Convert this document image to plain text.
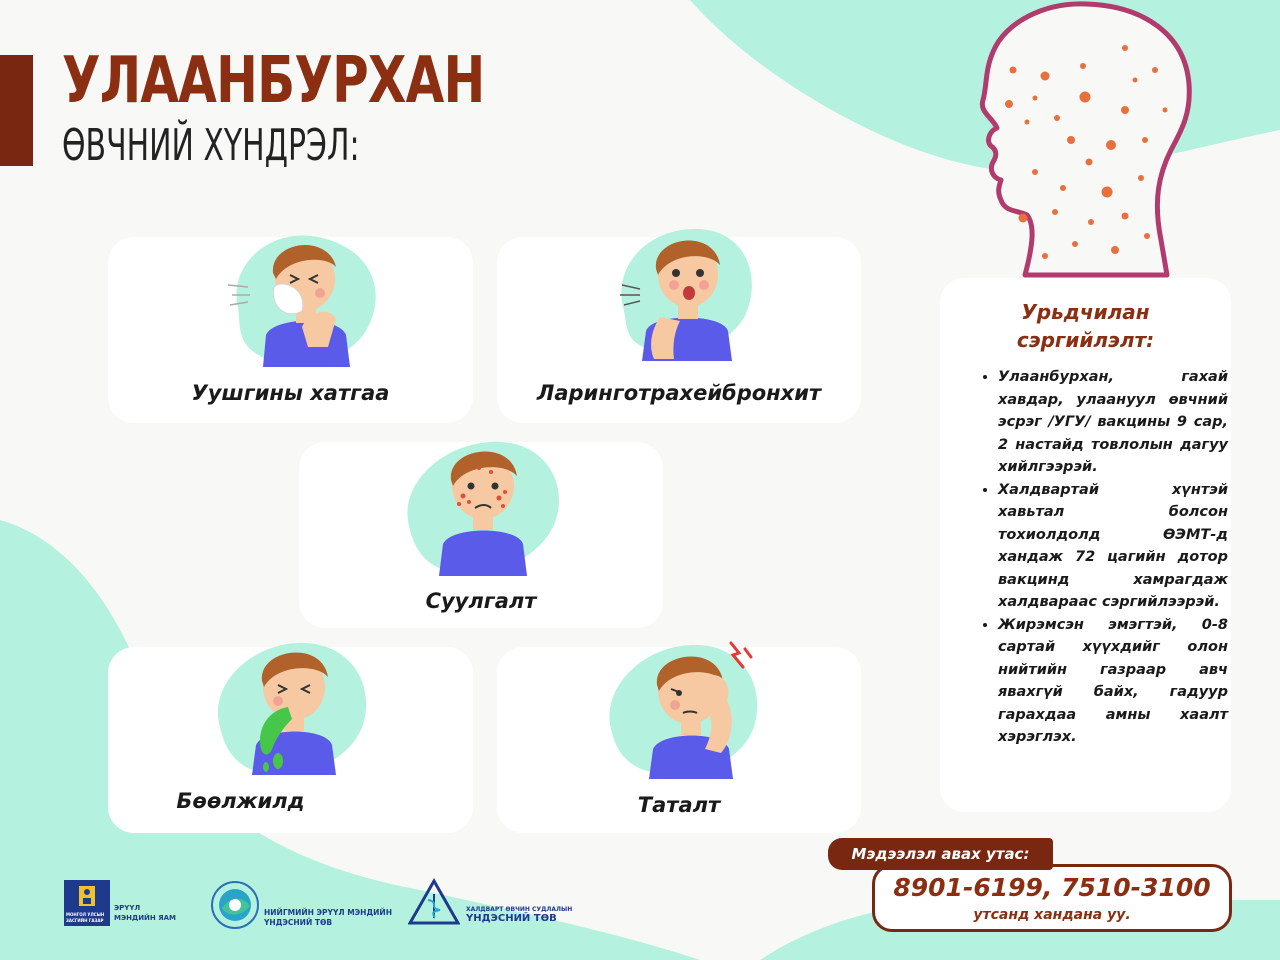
УЛААНБУРХАН
ӨВЧНИЙ ХҮНДРЭЛ:
Уушгины хатгаа	Ларингoтрахейбронхит
Суулгалт
Бөөлжилд	Таталт
Урьдчилан
сэргийлэлт:
• Улаанбурхан, гахай хавдар, улаануул өвчний эсрэг /УГУ/ вакцины 9 сар, 2 настайд товлолын дагуу хийлгээрэй.
• Халдвартай хүнтэй хавьтал болсон тохиолдолд ӨЭМТ-д хандаж 72 цагийн дотор вакцинд хамрагдаж халдвараас сэргийлээрэй.
• Жирэмсэн эмэгтэй, 0-8 сартай хүүхдийг олон нийтийн газраар авч явахгүй байх, гадуур гарахдаа амны хаалт хэрэглэх.
8901-6199, 7510-3100
утсанд хандана уу.
Мэдээлэл авах утас:
МОНГОЛ УЛСЫН
ЗАСГИЙН ГАЗАР
ЭРҮҮЛ
МЭНДИЙН ЯАМ
НИЙГМИЙН ЭРҮҮЛ МЭНДИЙН
ҮНДЭСНИЙ ТӨВ
ХАЛДВАРТ ӨВЧИН СУДЛАЛЫН
ҮНДЭСНИЙ ТӨВ
